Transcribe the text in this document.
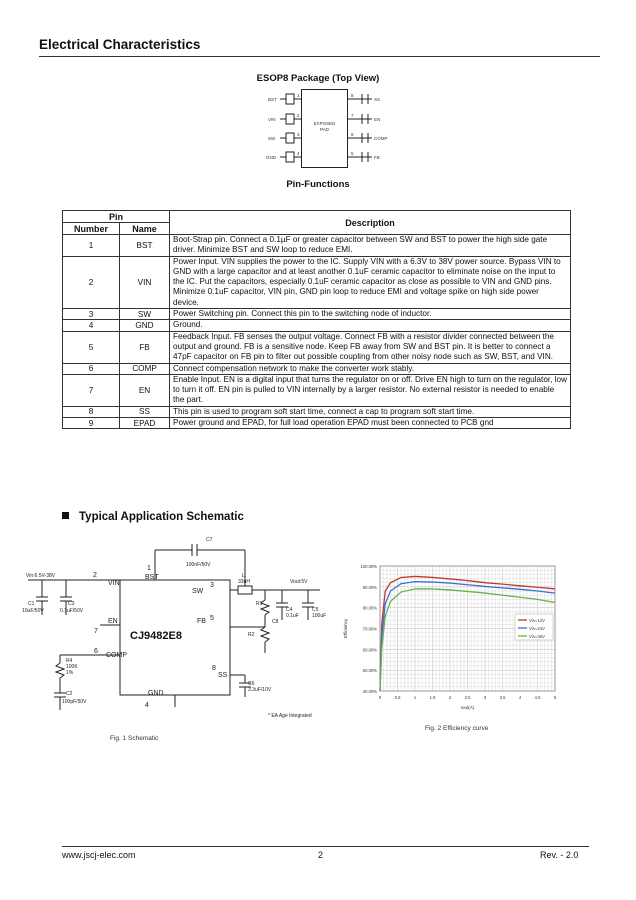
Electrical Characteristics
ESOP8 Package (Top View)
EXPOSED
PAD
BST
VIN
SW
GND
1
2
3
4
8
7
6
5
SS
EN
COMP
FB
Pin-Functions
Pin		Description
Number	Name	
1	BST	Boot-Strap pin. Connect a 0.1µF or greater capacitor between SW and BST to power the high side gate driver. Minimize BST and SW loop to reduce EMI.
2	VIN	Power Input. VIN supplies the power to the IC. Supply VIN with a 6.3V to 38V power source. Bypass VIN to GND with a large capacitor and at least another 0.1uF ceramic capacitor to eliminate noise on the input to the IC. Put the capacitors, especially 0.1uF ceramic capacitor as close as possible to VIN and GND pins. Minimize 0.1uF capacitor, VIN pin, GND pin loop to reduce EMI and voltage spike on high side power device.
3	SW	Power Switching pin. Connect this pin to the switching node of inductor.
4	GND	Ground.
5	FB	Feedback Input. FB senses the output voltage. Connect FB with a resistor divider connected between the output and ground. FB is a sensitive node. Keep FB away from SW and BST pin. It is better to connect a 47pF capacitor on FB pin to filter out possible coupling from other noisy node such as SW, BST, and VIN.
6	COMP	Connect compensation network to make the converter work stably.
7	EN	Enable Input. EN is a digital input that turns the regulator on or off. Drive EN high to turn on the regulator, low to turn it off. EN pin is pulled to VIN internally by a larger resistor. No external resistor is needed to enable the part.
8	SS	This pin is used to program soft start time, connect a cap to program soft start time.
9	EPAD	Power ground and EPAD, for full load operation EPAD must been connected to PCB gnd
Typical Application Schematic
C7
100nF/50V
Vin:6.5V-38V
C1
10uF/50V
C3
0.1uF/50V
Vout:5V
L
33uH
R1
R2
C8
C4
0.1uF
C5
100uF
C6
3.3uF/10V
R4
100K
1%
C2
100pF/50V
* EA Age Integrated
1
BST
2
VIN
EN
7
6
COMP
3
SW
5
FB
8
SS
GND
4
CJ9482E8
Fig. 1 Schematic
40.00%
50.00%
60.00%
70.00%
80.00%
90.00%
100.00%
0	0.5	1	1.5	2	2.5	3	3.5	4	4.5	5
Iout(A)
Efficiency	Vin=12V
Vin=24V
Vin=36V
Fig. 2 Efficiency curve
www.jscj-elec.com	2	Rev. - 2.0
